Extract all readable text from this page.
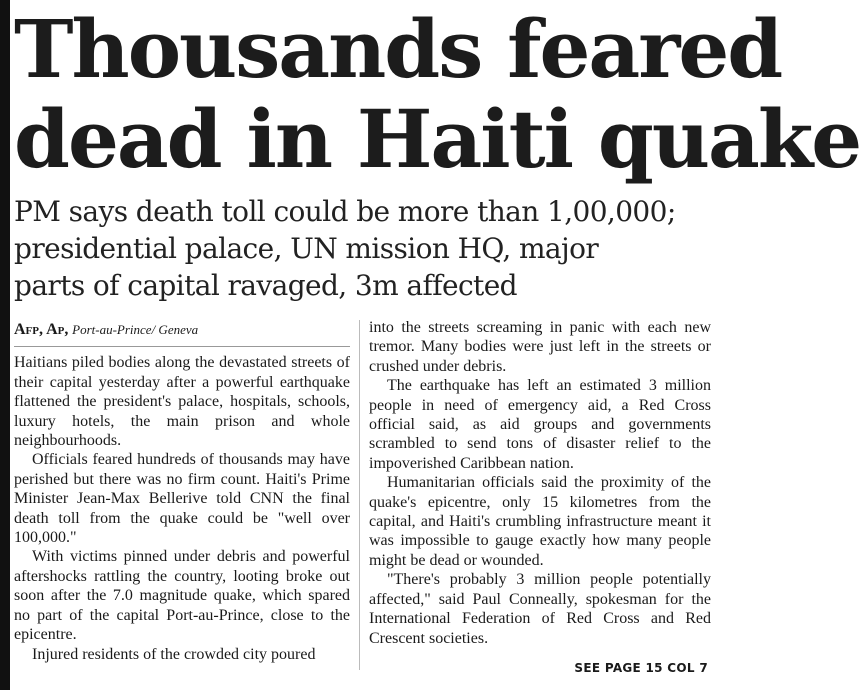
Thousands feared
dead in Haiti quake
PM says death toll could be more than 1,00,000;
presidential palace, UN mission HQ, major
parts of capital ravaged, 3m affected
Afp, Ap, Port-au-Prince/ Geneva

Haitians piled bodies along the devastated streets of their capital yesterday after a powerful earthquake flattened the president's palace, hospitals, schools, luxury hotels, the main prison and whole neighbourhoods.

Officials feared hundreds of thousands may have perished but there was no firm count. Haiti's Prime Minister Jean-Max Bellerive told CNN the final death toll from the quake could be "well over 100,000."

With victims pinned under debris and powerful aftershocks rattling the country, looting broke out soon after the 7.0 magnitude quake, which spared no part of the capital Port-au-Prince, close to the epicentre.

Injured residents of the crowded city poured

into the streets screaming in panic with each new tremor. Many bodies were just left in the streets or crushed under debris.

The earthquake has left an estimated 3 million people in need of emergency aid, a Red Cross official said, as aid groups and governments scrambled to send tons of disaster relief to the impoverished Caribbean nation.

Humanitarian officials said the proximity of the quake's epicentre, only 15 kilometres from the capital, and Haiti's crumbling infrastructure meant it was impossible to gauge exactly how many people might be dead or wounded.

"There's probably 3 million people potentially affected," said Paul Conneally, spokesman for the International Federation of Red Cross and Red Crescent societies.

SEE PAGE 15 COL 7
